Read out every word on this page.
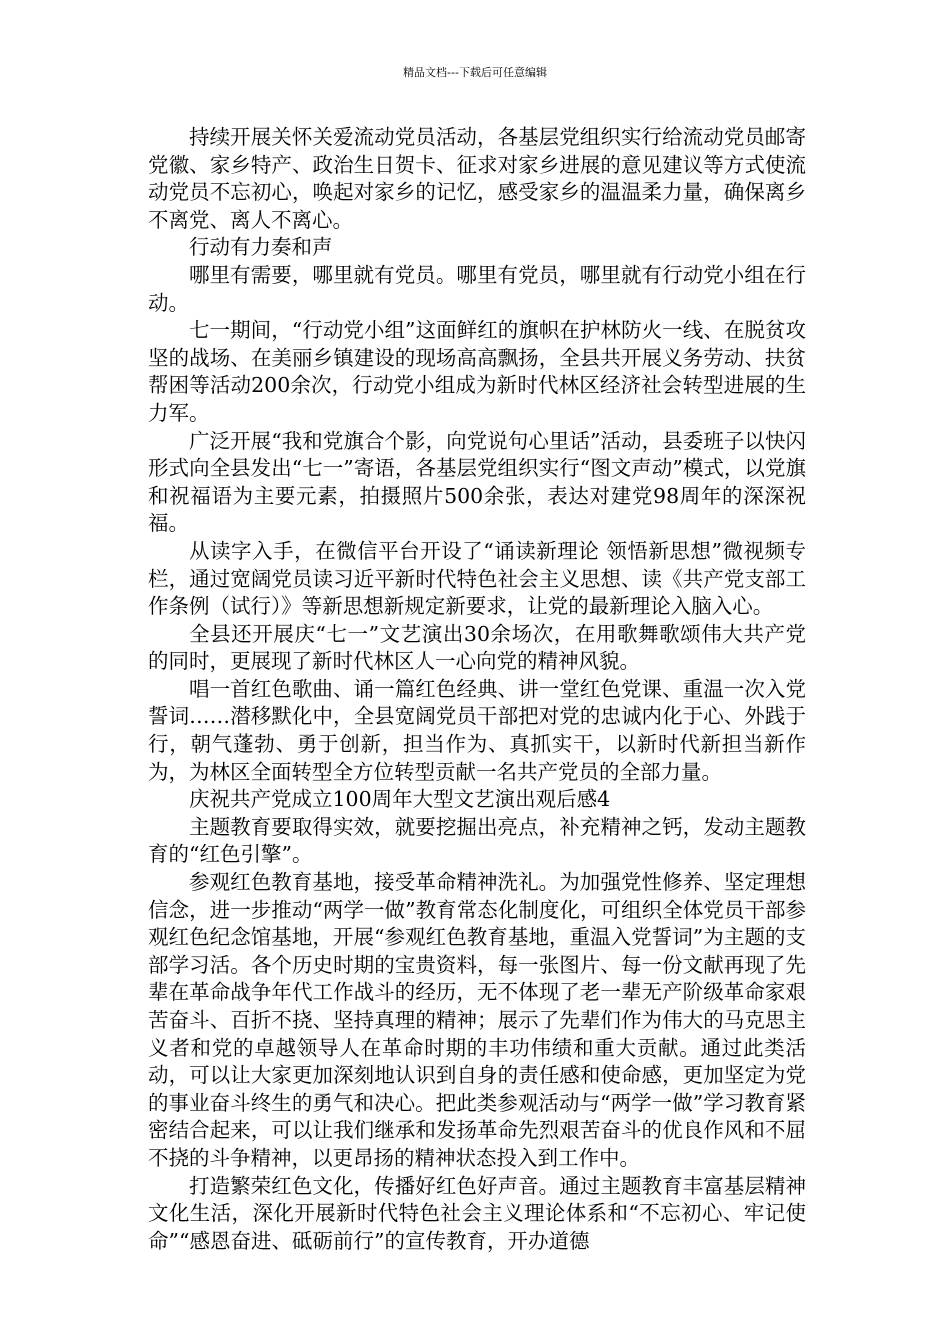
精品文档---下载后可任意编辑

持续开展关怀关爱流动党员活动，各基层党组织实行给流动党员邮寄党徽、家乡特产、政治生日贺卡、征求对家乡进展的意见建议等方式使流动党员不忘初心，唤起对家乡的记忆，感受家乡的温温柔力量，确保离乡不离党、离人不离心。

行动有力奏和声

哪里有需要，哪里就有党员。哪里有党员，哪里就有行动党小组在行动。

七一期间，“行动党小组”这面鲜红的旗帜在护林防火一线、在脱贫攻坚的战场、在美丽乡镇建设的现场高高飘扬，全县共开展义务劳动、扶贫帮困等活动200余次，行动党小组成为新时代林区经济社会转型进展的生力军。

广泛开展“我和党旗合个影，向党说句心里话”活动，县委班子以快闪形式向全县发出“七一”寄语，各基层党组织实行“图文声动”模式，以党旗和祝福语为主要元素，拍摄照片500余张，表达对建党98周年的深深祝福。

从读字入手，在微信平台开设了“诵读新理论 领悟新思想”微视频专栏，通过宽阔党员读习近平新时代特色社会主义思想、读《共产党支部工作条例（试行）》等新思想新规定新要求，让党的最新理论入脑入心。

全县还开展庆“七一”文艺演出30余场次，在用歌舞歌颂伟大共产党的同时，更展现了新时代林区人一心向党的精神风貌。

唱一首红色歌曲、诵一篇红色经典、讲一堂红色党课、重温一次入党誓词……潜移默化中，全县宽阔党员干部把对党的忠诚内化于心、外践于行，朝气蓬勃、勇于创新，担当作为、真抓实干，以新时代新担当新作为，为林区全面转型全方位转型贡献一名共产党员的全部力量。

庆祝共产党成立100周年大型文艺演出观后感4

主题教育要取得实效，就要挖掘出亮点，补充精神之钙，发动主题教育的“红色引擎”。

参观红色教育基地，接受革命精神洗礼。为加强党性修养、坚定理想信念，进一步推动“两学一做”教育常态化制度化，可组织全体党员干部参观红色纪念馆基地，开展“参观红色教育基地，重温入党誓词”为主题的支部学习活。各个历史时期的宝贵资料，每一张图片、每一份文献再现了先辈在革命战争年代工作战斗的经历，无不体现了老一辈无产阶级革命家艰苦奋斗、百折不挠、坚持真理的精神；展示了先辈们作为伟大的马克思主义者和党的卓越领导人在革命时期的丰功伟绩和重大贡献。通过此类活动，可以让大家更加深刻地认识到自身的责任感和使命感，更加坚定为党的事业奋斗终生的勇气和决心。把此类参观活动与“两学一做”学习教育紧密结合起来，可以让我们继承和发扬革命先烈艰苦奋斗的优良作风和不屈不挠的斗争精神，以更昂扬的精神状态投入到工作中。

打造繁荣红色文化，传播好红色好声音。通过主题教育丰富基层精神文化生活，深化开展新时代特色社会主义理论体系和“不忘初心、牢记使命”“感恩奋进、砥砺前行”的宣传教育，开办道德
